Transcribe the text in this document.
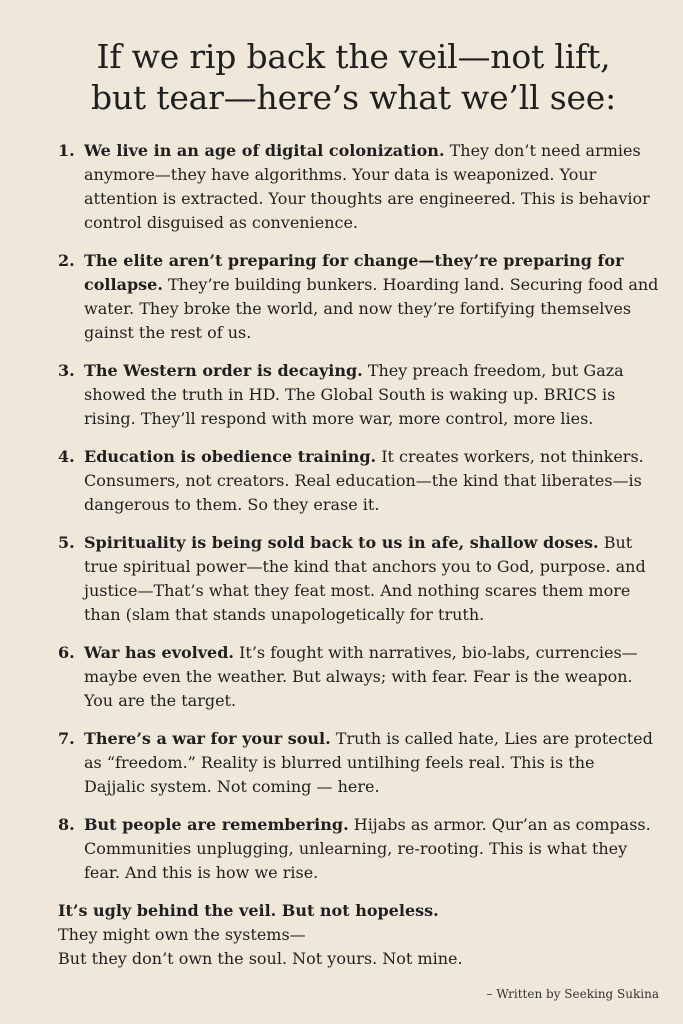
If we rip back the veil—not lift,
but tear—here’s what we’ll see:
1. We live in an age of digital colonization. They don’t need armies anymore—they have algorithms. Your data is weaponized. Your attention is extracted. Your thoughts are engineered. This is behavior control disguised as convenience.
2. The elite aren’t preparing for change—they’re preparing for collapse. They’re building bunkers. Hoarding land. Securing food and water. They broke the world, and now they’re fortifying themselves gainst the rest of us.
3. The Western order is decaying. They preach freedom, but Gaza showed the truth in HD. The Global South is waking up. BRICS is rising. They’ll respond with more war, more control, more lies.
4. Education is obedience training. It creates workers, not thinkers. Consumers, not creators. Real education—the kind that liberates—is dangerous to them. So they erase it.
5. Spirituality is being sold back to us in afe, shallow doses. But true spiritual power—the kind that anchors you to God, purpose. and justice—That’s what they feat most. And nothing scares them more than (slam that stands unapologetically for truth.
6. War has evolved. It’s fought with narratives, bio-labs, currencies— maybe even the weather. But always; with fear. Fear is the weapon. You are the target.
7. There’s a war for your soul. Truth is called hate, Lies are protected as “freedom.” Reality is blurred untilhing feels real. This is the Dajjalic system. Not coming — here.
8. But people are remembering. Hijabs as armor. Qur’an as compass. Communities unplugging, unlearning, re-rooting. This is what they fear. And this is how we rise.
It’s ugly behind the veil. But not hopeless.
They might own the systems—
But they don’t own the soul. Not yours. Not mine.
– Written by Seeking Sukina
